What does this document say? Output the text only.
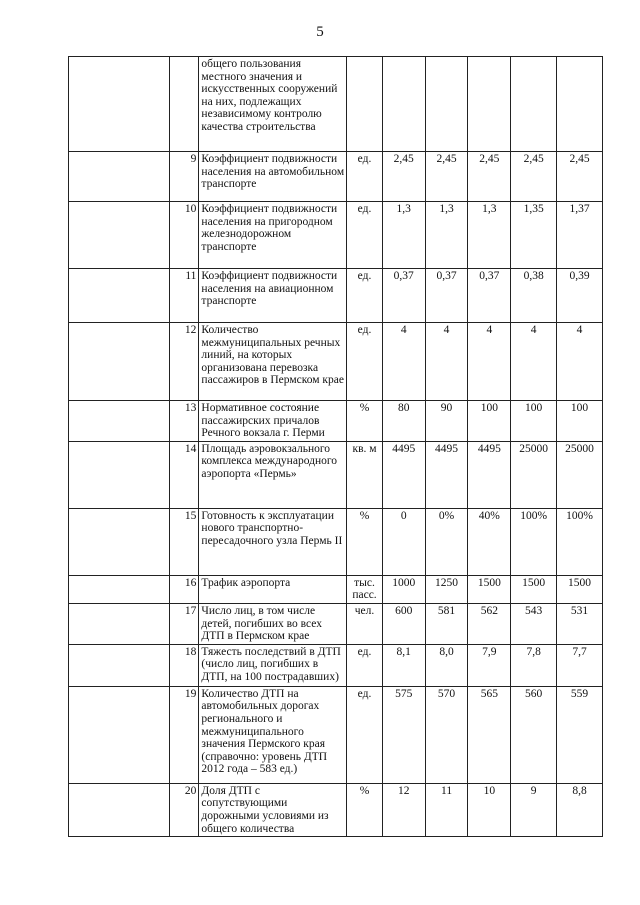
5
		общего пользования местного значения и искусственных сооружений на них, подлежащих независимому контролю качества строительства						
	9	Коэффициент подвижности населения на автомобильном транспорте	ед.	2,45	2,45	2,45	2,45	2,45
	10	Коэффициент подвижности населения на пригородном железнодорожном транспорте	ед.	1,3	1,3	1,3	1,35	1,37
	11	Коэффициент подвижности населения на авиационном транспорте	ед.	0,37	0,37	0,37	0,38	0,39
	12	Количество межмуниципальных речных линий, на которых организована перевозка пассажиров в Пермском крае	ед.	4	4	4	4	4
	13	Нормативное состояние пассажирских причалов Речного вокзала г. Перми	%	80	90	100	100	100
	14	Площадь аэровокзального комплекса международного аэропорта «Пермь»	кв. м	4495	4495	4495	25000	25000
	15	Готовность к эксплуатации нового транспортно-пересадочного узла Пермь II	%	0	0%	40%	100%	100%
	16	Трафик аэропорта	тыс. пасс.	1000	1250	1500	1500	1500
	17	Число лиц, в том числе детей, погибших во всех ДТП в Пермском крае	чел.	600	581	562	543	531
	18	Тяжесть последствий в ДТП (число лиц, погибших в ДТП, на 100 пострадавших)	ед.	8,1	8,0	7,9	7,8	7,7
	19	Количество ДТП на автомобильных дорогах регионального и межмуниципального значения Пермского края (справочно: уровень ДТП 2012 года – 583 ед.)	ед.	575	570	565	560	559
	20	Доля ДТП с сопутствующими дорожными условиями из общего количества	%	12	11	10	9	8,8
